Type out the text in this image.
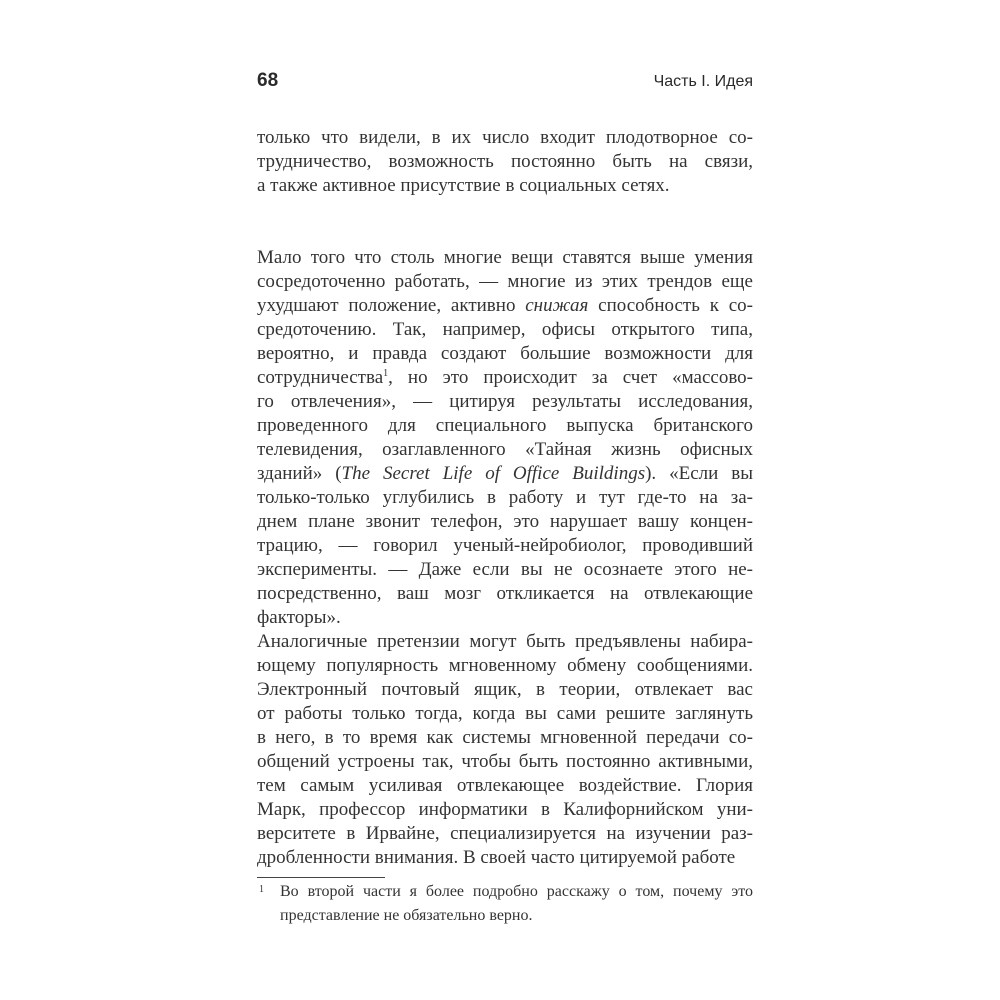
68	Часть I. Идея
только что видели, в их число входит плодотворное со-
трудничество, возможность постоянно быть на связи,
а также активное присутствие в социальных сетях.
Мало того что столь многие вещи ставятся выше умения
сосредоточенно работать, — многие из этих трендов еще
ухудшают положение, активно снижая способность к со-
средоточению. Так, например, офисы открытого типа,
вероятно, и правда создают большие возможности для
сотрудничества$^1$, но это происходит за счет «массово-
го отвлечения», — цитируя результаты исследования,
проведенного для специального выпуска британского
телевидения, озаглавленного «Тайная жизнь офисных
зданий» (The Secret Life of Office Buildings). «Если вы
только-только углубились в работу и тут где-то на за-
днем плане звонит телефон, это нарушает вашу концен-
трацию, — говорил ученый-нейробиолог, проводивший
эксперименты. — Даже если вы не осознаете этого не-
посредственно, ваш мозг откликается на отвлекающие
факторы».
Аналогичные претензии могут быть предъявлены набира-
ющему популярность мгновенному обмену сообщениями.
Электронный почтовый ящик, в теории, отвлекает вас
от работы только тогда, когда вы сами решите заглянуть
в него, в то время как системы мгновенной передачи со-
общений устроены так, чтобы быть постоянно активными,
тем самым усиливая отвлекающее воздействие. Глория
Марк, профессор информатики в Калифорнийском уни-
верситете в Ирвайне, специализируется на изучении раз-
дробленности внимания. В своей часто цитируемой работе
1 Во второй части я более подробно расскажу о том, почему это
представление не обязательно верно.
